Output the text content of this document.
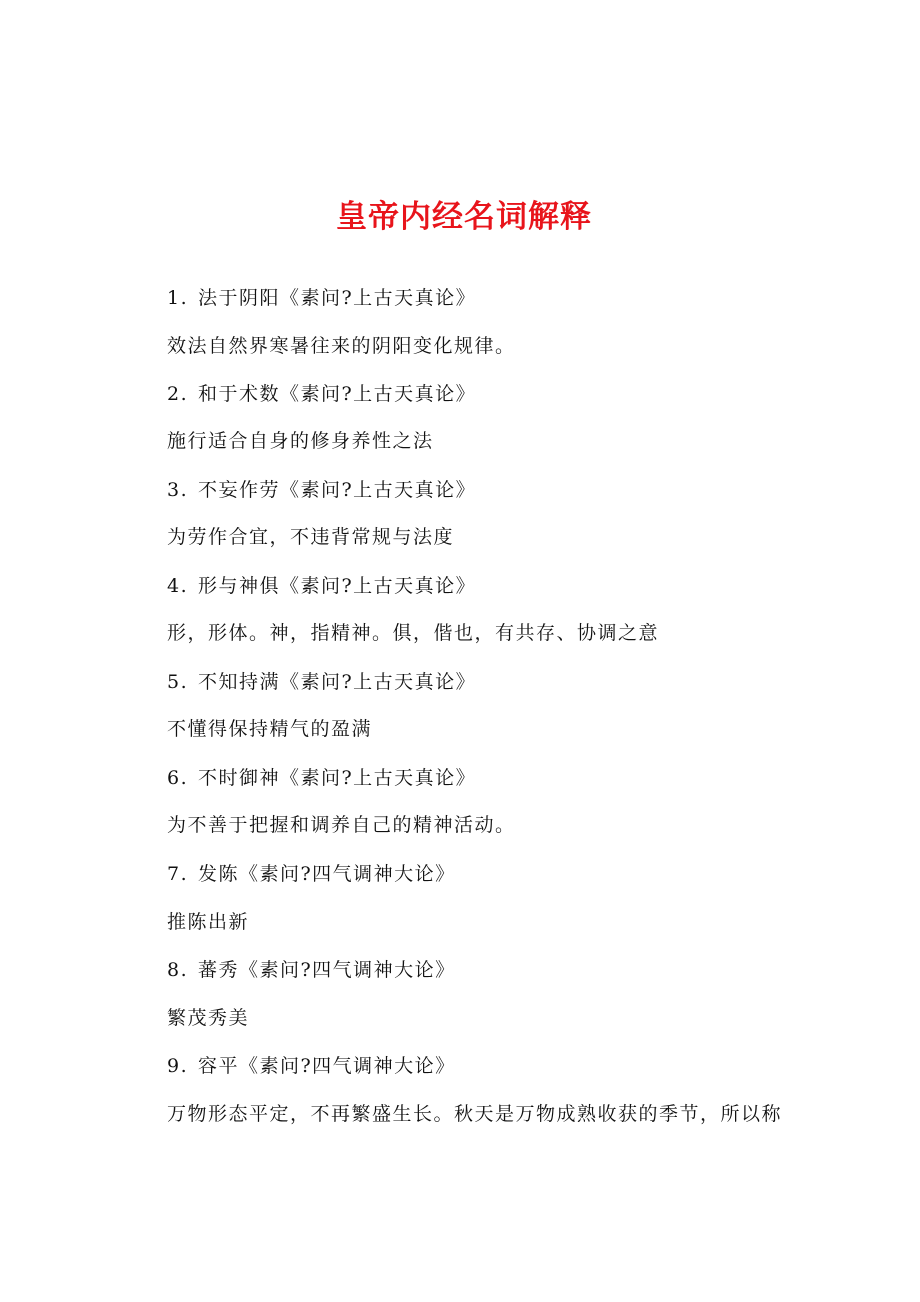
皇帝内经名词解释
1. 法于阴阳《素问?上古天真论》
效法自然界寒暑往来的阴阳变化规律。
2. 和于术数《素问?上古天真论》
施行适合自身的修身养性之法
3. 不妄作劳《素问?上古天真论》
为劳作合宜，不违背常规与法度
4. 形与神俱《素问?上古天真论》
形，形体。神，指精神。俱，偕也，有共存、协调之意
5. 不知持满《素问?上古天真论》
不懂得保持精气的盈满
6. 不时御神《素问?上古天真论》
为不善于把握和调养自己的精神活动。
7. 发陈《素问?四气调神大论》
推陈出新
8. 蕃秀《素问?四气调神大论》
繁茂秀美
9. 容平《素问?四气调神大论》
万物形态平定，不再繁盛生长。秋天是万物成熟收获的季节，所以称
